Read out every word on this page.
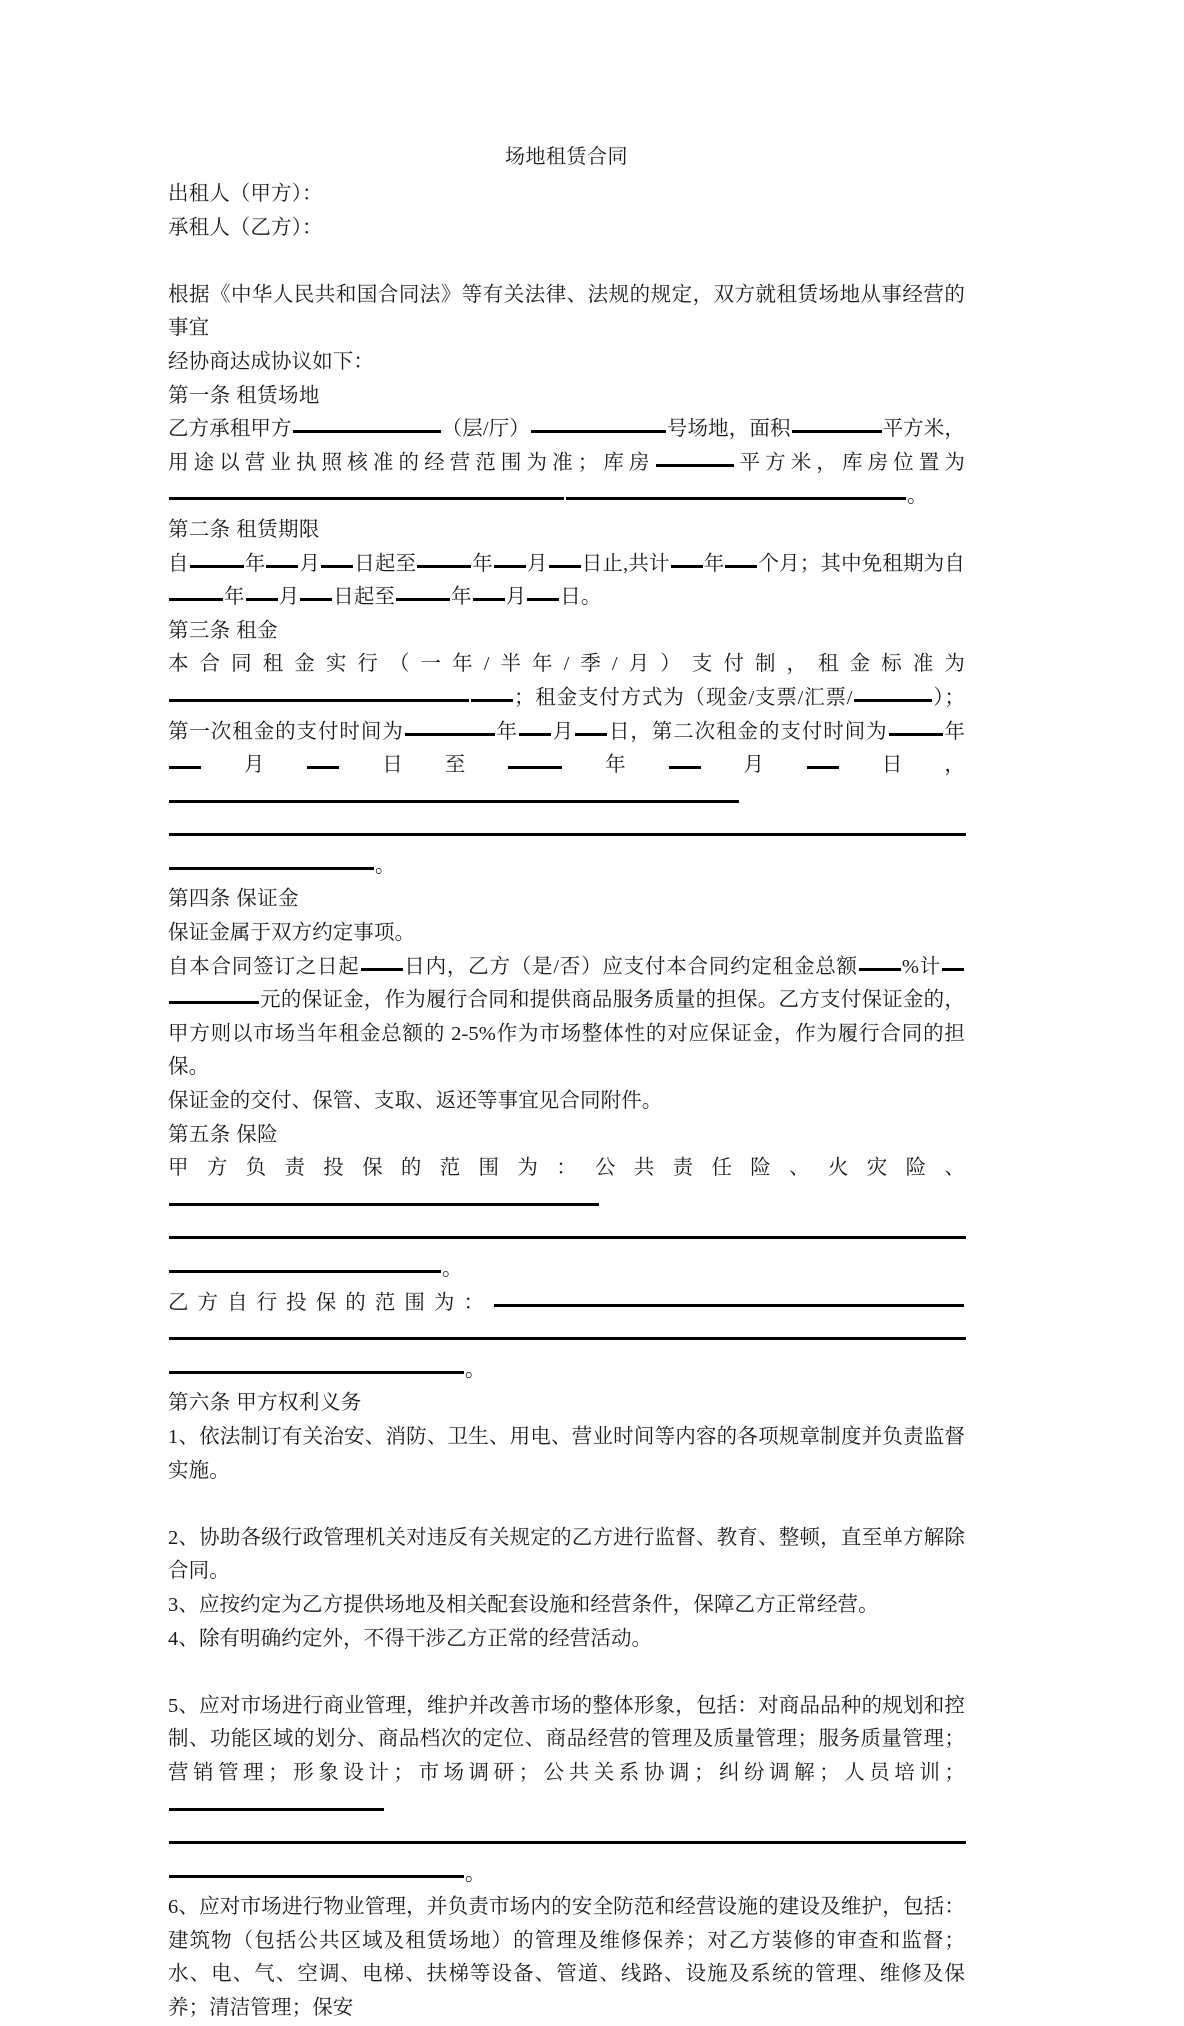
场地租赁合同

出租人（甲方）：

承租人（乙方）：

根据《中华人民共和国合同法》等有关法律、法规的规定，双方就租赁场地从事经营的事宜

经协商达成协议如下：

第一条 租赁场地

乙方承租甲方	（层/厅）	号场地，面积	平方米，用途以营业执照核准的经营范围为准；库房	平方米，库房位置为。

第二条 租赁期限

自	年 月 日起至	年 月 日止,共计 年 个月；其中免租期为自年 月 日起至	年 月 日。

第三条 租金

本合同租金实行（一年/半年/季/月）支付制，租金标准为；租金支付方式为（现金/支票/汇票/	）；第一次租金的支付时间为	年 月 日，第二次租金的支付时间为	年月 日至	年 月 日，。

第四条 保证金

保证金属于双方约定事项。

自本合同签订之日起 日内，乙方（是/否）应支付本合同约定租金总额 %计元的保证金，作为履行合同和提供商品服务质量的担保。乙方支付保证金的，甲方则以市场当年租金总额的 2-5%作为市场整体性的对应保证金，作为履行合同的担保。

保证金的交付、保管、支取、返还等事宜见合同附件。

第五条 保险

甲方负责投保的范围为：公共责任险、火灾险、。

乙方自行投保的范围为：。

第六条 甲方权利义务

1、依法制订有关治安、消防、卫生、用电、营业时间等内容的各项规章制度并负责监督实施。

2、协助各级行政管理机关对违反有关规定的乙方进行监督、教育、整顿，直至单方解除合同。

3、应按约定为乙方提供场地及相关配套设施和经营条件，保障乙方正常经营。

4、除有明确约定外，不得干涉乙方正常的经营活动。

5、应对市场进行商业管理，维护并改善市场的整体形象，包括：对商品品种的规划和控制、功能区域的划分、商品档次的定位、商品经营的管理及质量管理；服务质量管理；营销管理；形象设计；市场调研；公共关系协调；纠纷调解；人员培训；。

6、应对市场进行物业管理，并负责市场内的安全防范和经营设施的建设及维护，包括：建筑物（包括公共区域及租赁场地）的管理及维修保养；对乙方装修的审查和监督；水、电、气、空调、电梯、扶梯等设备、管道、线路、设施及系统的管理、维修及保养；清洁管理；保安
